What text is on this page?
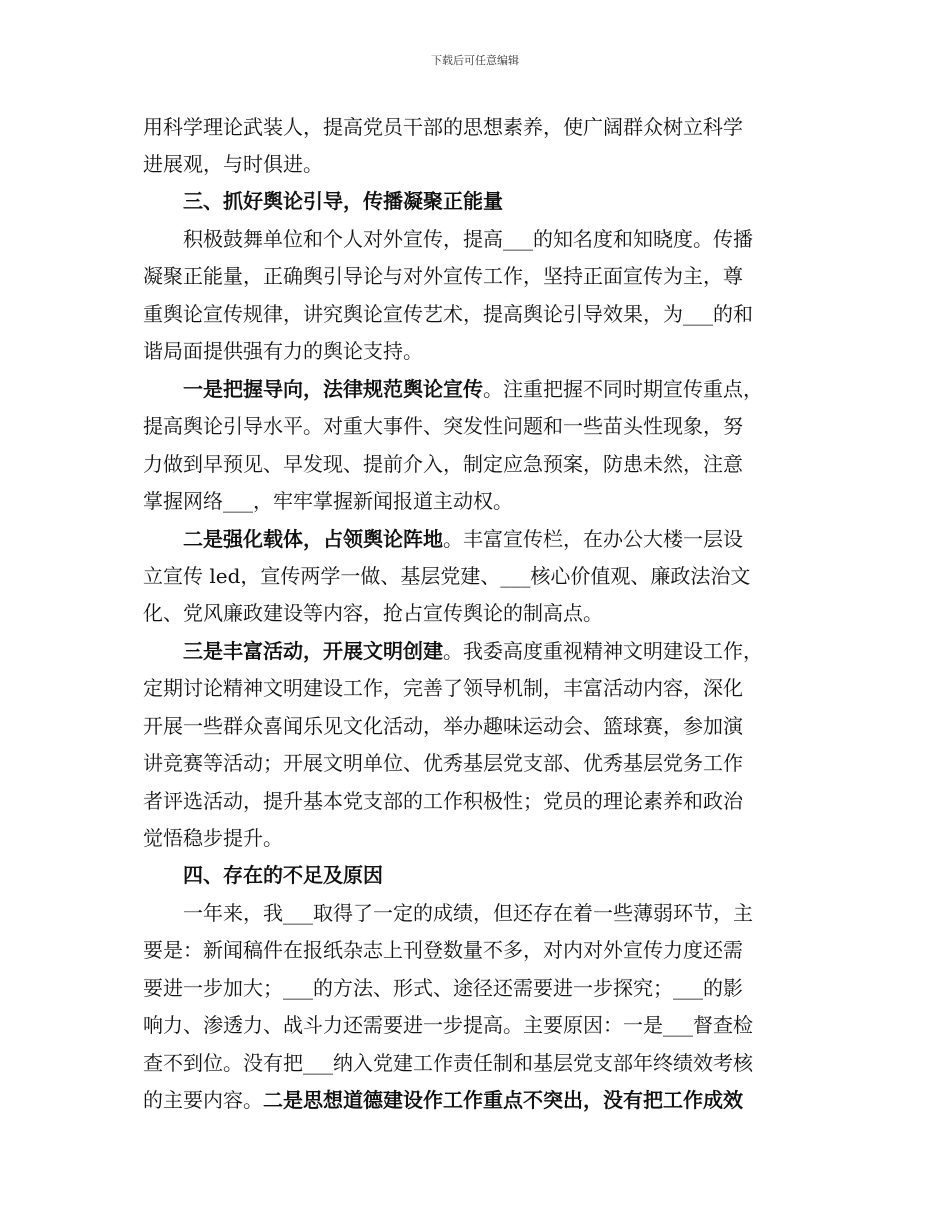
下载后可任意编辑
用科学理论武装人，提高党员干部的思想素养，使广阔群众树立科学
进展观，与时俱进。
　　三、抓好舆论引导，传播凝聚正能量
　　积极鼓舞单位和个人对外宣传，提高___的知名度和知晓度。传播
凝聚正能量，正确舆引导论与对外宣传工作，坚持正面宣传为主，尊
重舆论宣传规律，讲究舆论宣传艺术，提高舆论引导效果，为___的和
谐局面提供强有力的舆论支持。
　　一是把握导向，法律规范舆论宣传。注重把握不同时期宣传重点，
提高舆论引导水平。对重大事件、突发性问题和一些苗头性现象，努
力做到早预见、早发现、提前介入，制定应急预案，防患未然，注意
掌握网络___，牢牢掌握新闻报道主动权。
　　二是强化载体，占领舆论阵地。丰富宣传栏，在办公大楼一层设
立宣传 led，宣传两学一做、基层党建、___核心价值观、廉政法治文
化、党风廉政建设等内容，抢占宣传舆论的制高点。
　　三是丰富活动，开展文明创建。我委高度重视精神文明建设工作，
定期讨论精神文明建设工作，完善了领导机制，丰富活动内容，深化
开展一些群众喜闻乐见文化活动，举办趣味运动会、篮球赛，参加演
讲竞赛等活动；开展文明单位、优秀基层党支部、优秀基层党务工作
者评选活动，提升基本党支部的工作积极性；党员的理论素养和政治
觉悟稳步提升。
　　四、存在的不足及原因
　　一年来，我___取得了一定的成绩，但还存在着一些薄弱环节，主
要是：新闻稿件在报纸杂志上刊登数量不多，对内对外宣传力度还需
要进一步加大；___的方法、形式、途径还需要进一步探究；___的影
响力、渗透力、战斗力还需要进一步提高。主要原因：一是___督查检
查不到位。没有把___纳入党建工作责任制和基层党支部年终绩效考核
的主要内容。二是思想道德建设作工作重点不突出，没有把工作成效
